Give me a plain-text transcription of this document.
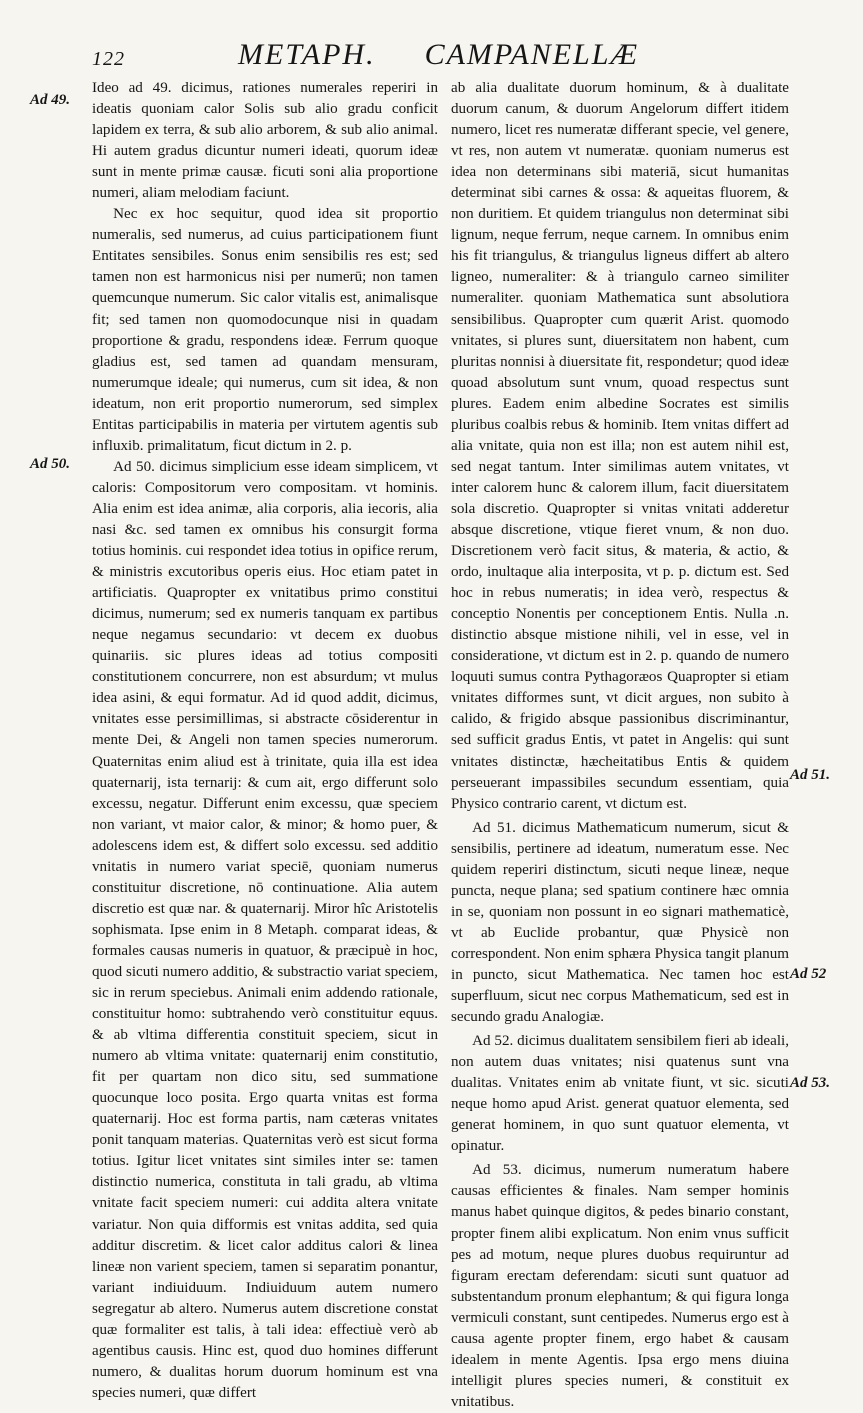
122	METAPH. CAMPANELLÆ
Ad 49.
Ad 50.
Ad 51.
Ad 52
Ad 53.

Ideo ad 49. dicimus, rationes numerales reperiri in ideatis quoniam calor Solis sub alio gradu conficit lapidem ex terra, & sub alio arborem, & sub alio animal. Hi autem gradus dicuntur numeri ideati, quorum ideæ sunt in mente primæ causæ. ficuti soni alia proportione numeri, aliam melodiam faciunt.

Nec ex hoc sequitur, quod idea sit proportio numeralis, sed numerus, ad cuius participationem fiunt Entitates sensibiles. Sonus enim sensibilis res est; sed tamen non est harmonicus nisi per numerū; non tamen quemcunque numerum. Sic calor vitalis est, animalisque fit; sed tamen non quomodocunque nisi in quadam proportione & gradu, respondens ideæ. Ferrum quoque gladius est, sed tamen ad quandam mensuram, numerumque ideale; qui numerus, cum sit idea, & non ideatum, non erit proportio numerorum, sed simplex Entitas participabilis in materia per virtutem agentis sub influxib. primalitatum, ficut dictum in 2. p.

Ad 50. dicimus simplicium esse ideam simplicem, vt caloris: Compositorum vero compositam. vt hominis. Alia enim est idea animæ, alia corporis, alia iecoris, alia nasi &c. sed tamen ex omnibus his consurgit forma totius hominis. cui respondet idea totius in opifice rerum, & ministris excutoribus operis eius. Hoc etiam patet in artificiatis. Quapropter ex vnitatibus primo constitui dicimus, numerum; sed ex numeris tanquam ex partibus neque negamus secundario: vt decem ex duobus quinariis. sic plures ideas ad totius compositi constitutionem concurrere, non est absurdum; vt mulus idea asini, & equi formatur. Ad id quod addit, dicimus, vnitates esse persimillimas, si abstracte cōsiderentur in mente Dei, & Angeli non tamen species numerorum. Quaternitas enim aliud est à trinitate, quia illa est idea quaternarij, ista ternarij: & cum ait, ergo differunt solo excessu, negatur. Differunt enim excessu, quæ speciem non variant, vt maior calor, & minor; & homo puer, & adolescens idem est, & differt solo excessu. sed additio vnitatis in numero variat speciē, quoniam numerus constituitur discretione, nō continuatione. Alia autem discretio est quæ nar. & quaternarij. Miror hîc Aristotelis sophismata. Ipse enim in 8 Metaph. comparat ideas, & formales causas numeris in quatuor, & præcipuè in hoc, quod sicuti numero additio, & substractio variat speciem, sic in rerum speciebus. Animali enim addendo rationale, constituitur homo: subtrahendo verò constituitur equus. & ab vltima differentia constituit speciem, sicut in numero ab vltima vnitate: quaternarij enim constitutio, fit per quartam non dico situ, sed summatione quocunque loco posita. Ergo quarta vnitas est forma quaternarij. Hoc est forma partis, nam cæteras vnitates ponit tanquam materias. Quaternitas verò est sicut forma totius. Igitur licet vnitates sint similes inter se: tamen distinctio numerica, constituta in tali gradu, ab vltima vnitate facit speciem numeri: cui addita altera vnitate variatur. Non quia difformis est vnitas addita, sed quia additur discretim. & licet calor additus calori & linea lineæ non varient speciem, tamen si separatim ponantur, variant indiuiduum. Indiuiduum autem numero segregatur ab altero. Numerus autem discretione constat quæ formaliter est talis, à tali idea: effectiuè verò ab agentibus causis. Hinc est, quod duo homines differunt numero, & dualitas horum duorum hominum est vna species numeri, quæ differt

ab alia dualitate duorum hominum, & à dualitate duorum canum, & duorum Angelorum differt itidem numero, licet res numeratæ differant specie, vel genere, vt res, non autem vt numeratæ. quoniam numerus est idea non determinans sibi materiā, sicut humanitas determinat sibi carnes & ossa: & aqueitas fluorem, & non duritiem. Et quidem triangulus non determinat sibi lignum, neque ferrum, neque carnem. In omnibus enim his fit triangulus, & triangulus ligneus differt ab altero ligneo, numeraliter: & à triangulo carneo similiter numeraliter. quoniam Mathematica sunt absolutiora sensibilibus. Quapropter cum quærit Arist. quomodo vnitates, si plures sunt, diuersitatem non habent, cum pluritas nonnisi à diuersitate fit, respondetur; quod ideæ quoad absolutum sunt vnum, quoad respectus sunt plures. Eadem enim albedine Socrates est similis pluribus coalbis rebus & hominib. Item vnitas differt ad alia vnitate, quia non est illa; non est autem nihil est, sed negat tantum. Inter similimas autem vnitates, vt inter calorem hunc & calorem illum, facit diuersitatem sola discretio. Quapropter si vnitas vnitati adderetur absque discretione, vtique fieret vnum, & non duo. Discretionem verò facit situs, & materia, & actio, & ordo, inultaque alia interposita, vt p. p. dictum est. Sed hoc in rebus numeratis; in idea verò, respectus & conceptio Nonentis per conceptionem Entis. Nulla .n. distinctio absque mistione nihili, vel in esse, vel in consideratione, vt dictum est in 2. p. quando de numero loquuti sumus contra Pythagoræos Quapropter si etiam vnitates difformes sunt, vt dicit argues, non subito à calido, & frigido absque passionibus discriminantur, sed sufficit gradus Entis, vt patet in Angelis: qui sunt vnitates distinctæ, hæcheitatibus Entis & quidem perseuerant impassibiles secundum essentiam, quia Physico contrario carent, vt dictum est.

Ad 51. dicimus Mathematicum numerum, sicut & sensibilis, pertinere ad ideatum, numeratum esse. Nec quidem reperiri distinctum, sicuti neque lineæ, neque puncta, neque plana; sed spatium continere hæc omnia in se, quoniam non possunt in eo signari mathematicè, vt ab Euclide probantur, quæ Physicè non correspondent. Non enim sphæra Physica tangit planum in puncto, sicut Mathematica. Nec tamen hoc est superfluum, sicut nec corpus Mathematicum, sed est in secundo gradu Analogiæ.

Ad 52. dicimus dualitatem sensibilem fieri ab ideali, non autem duas vnitates; nisi quatenus sunt vna dualitas. Vnitates enim ab vnitate fiunt, vt sic. sicuti neque homo apud Arist. generat quatuor elementa, sed generat hominem, in quo sunt quatuor elementa, vt opinatur.

Ad 53. dicimus, numerum numeratum habere causas efficientes & finales. Nam semper hominis manus habet quinque digitos, & pedes binario constant, propter finem alibi explicatum. Non enim vnus sufficit pes ad motum, neque plures duobus requiruntur ad figuram erectam deferendam: sicuti sunt quatuor ad substentandum pronum elephantum; & qui figura longa vermiculi constant, sunt centipedes. Numerus ergo est à causa agente propter finem, ergo habet & causam idealem in mente Agentis. Ipsa ergo mens diuina intelligit plures species numeri, & constituit ex vnitatibus.
